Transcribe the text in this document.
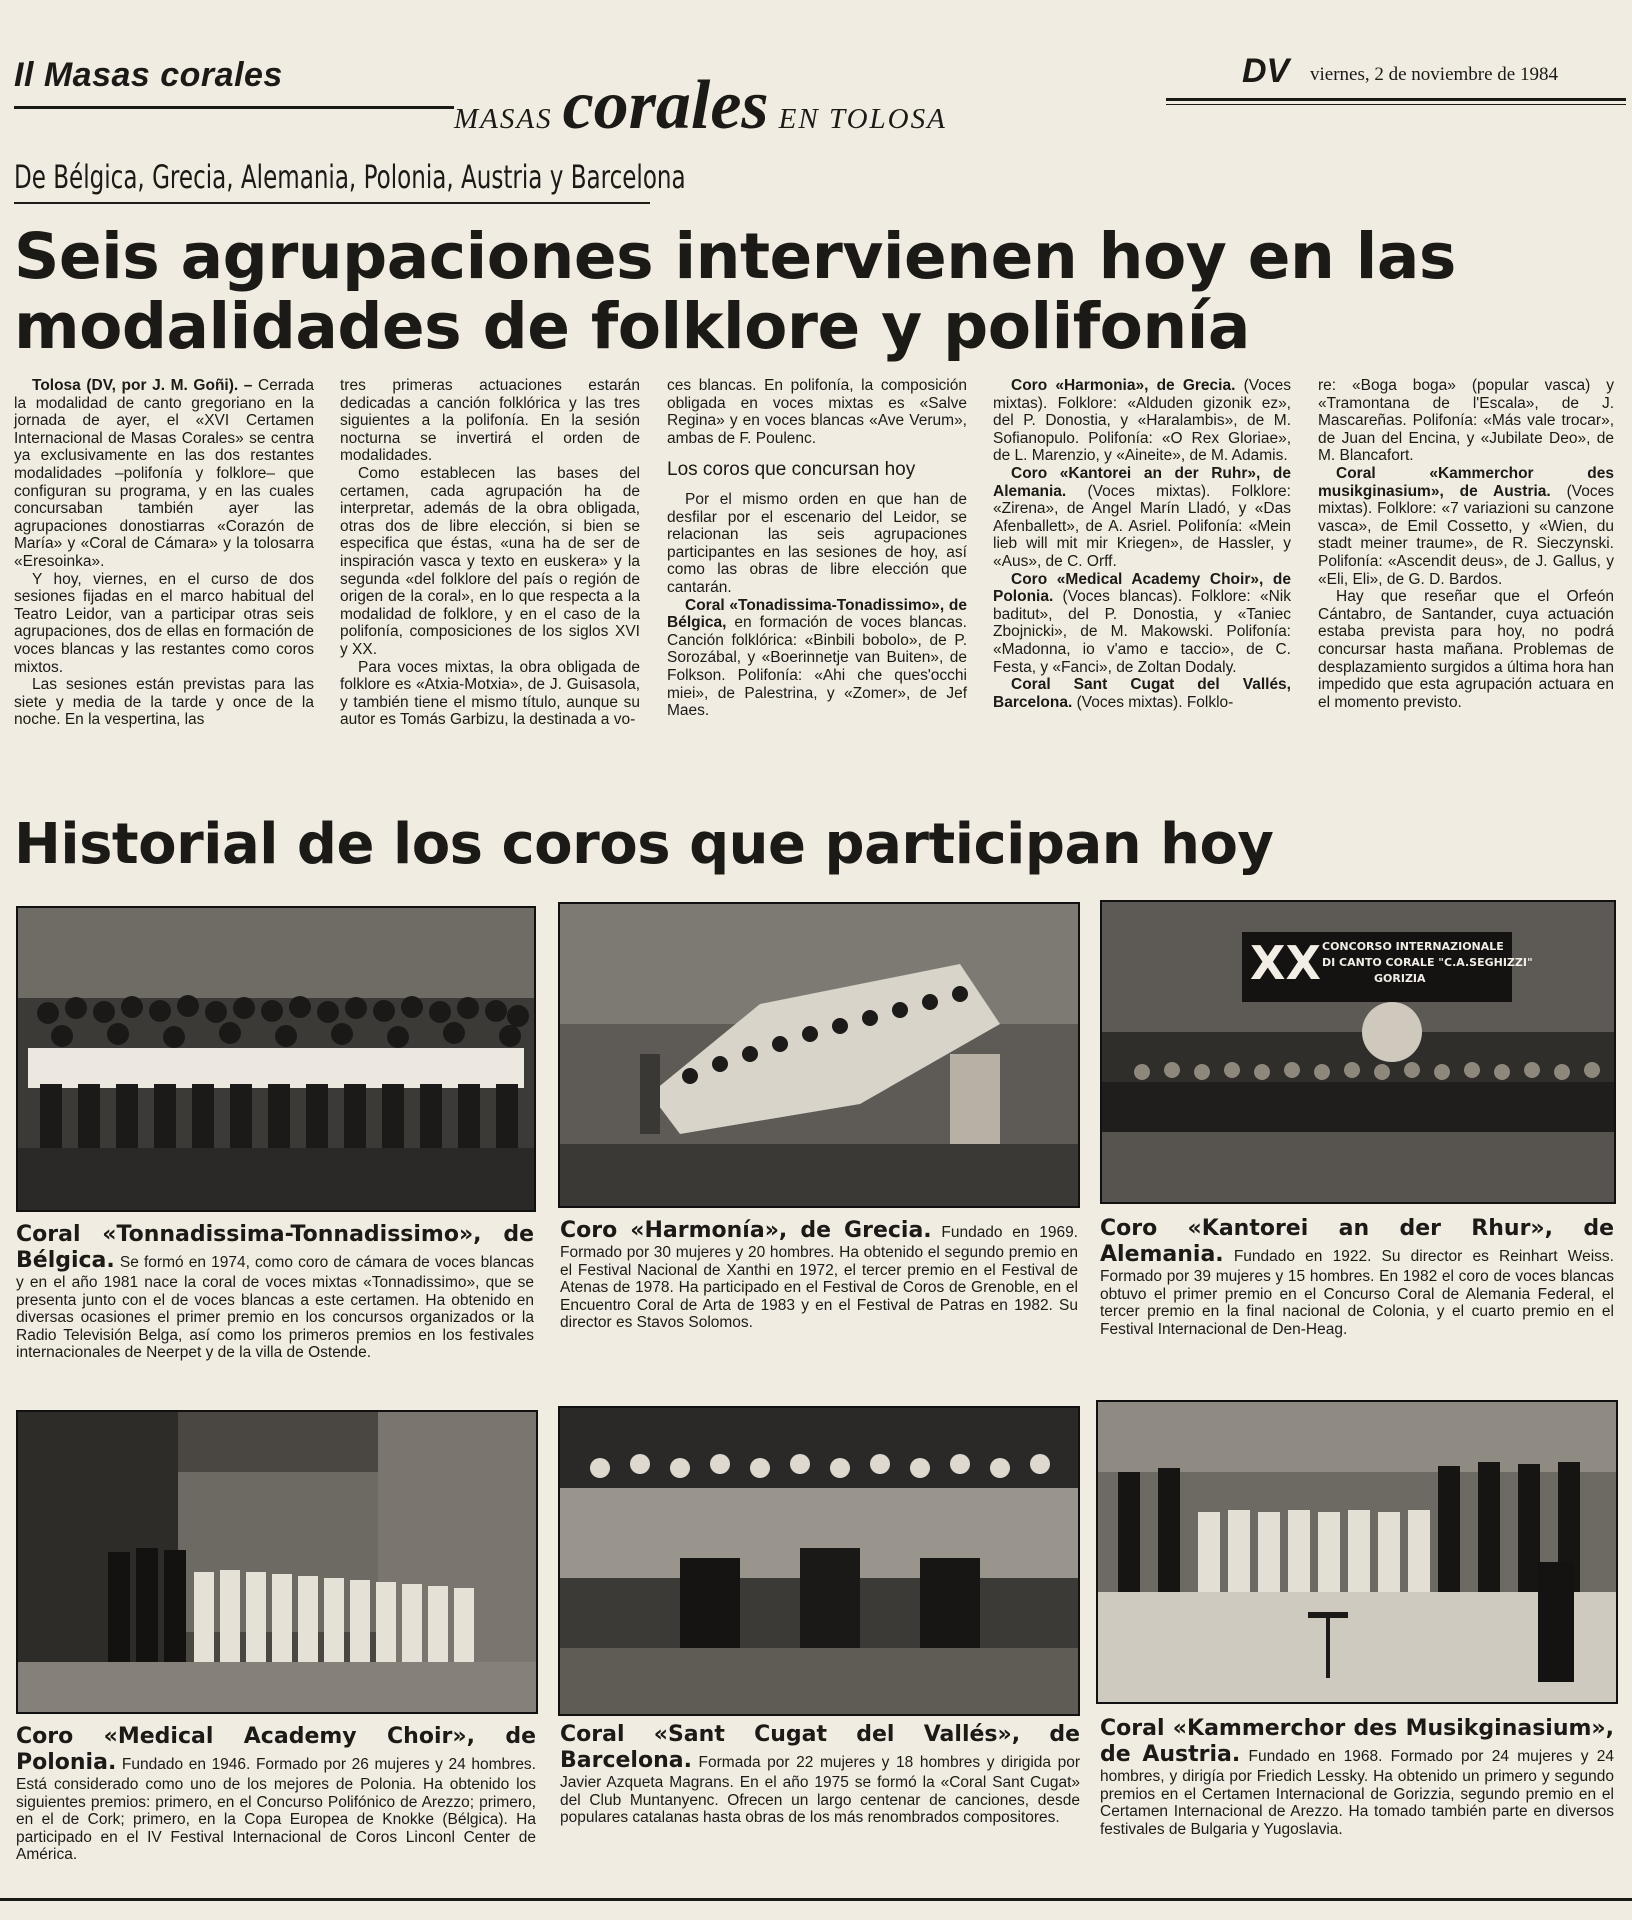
Il Masas corales
MASAS corales EN TOLOSA
DV viernes, 2 de noviembre de 1984
De Bélgica, Grecia, Alemania, Polonia, Austria y Barcelona
Seis agrupaciones intervienen hoy en las modalidades de folklore y polifonía

Tolosa (DV, por J. M. Goñi). – Cerrada la modalidad de canto gregoriano en la jornada de ayer, el «XVI Certamen Internacional de Masas Corales» se centra ya exclusivamente en las dos restantes modalidades –polifonía y folklore– que configuran su programa, y en las cuales concursaban también ayer las agrupaciones donostiarras «Corazón de María» y «Coral de Cámara» y la tolosarra «Eresoinka».

Y hoy, viernes, en el curso de dos sesiones fijadas en el marco habitual del Teatro Leidor, van a participar otras seis agrupaciones, dos de ellas en formación de voces blancas y las restantes como coros mixtos.

Las sesiones están previstas para las siete y media de la tarde y once de la noche. En la vespertina, las

tres primeras actuaciones estarán dedicadas a canción folklórica y las tres siguientes a la polifonía. En la sesión nocturna se invertirá el orden de modalidades.

Como establecen las bases del certamen, cada agrupación ha de interpretar, además de la obra obligada, otras dos de libre elección, si bien se especifica que éstas, «una ha de ser de inspiración vasca y texto en euskera» y la segunda «del folklore del país o región de origen de la coral», en lo que respecta a la modalidad de folklore, y en el caso de la polifonía, composiciones de los siglos XVI y XX.

Para voces mixtas, la obra obligada de folklore es «Atxia-Motxia», de J. Guisasola, y también tiene el mismo título, aunque su autor es Tomás Garbizu, la destinada a vo-

ces blancas. En polifonía, la composición obligada en voces mixtas es «Salve Regina» y en voces blancas «Ave Verum», ambas de F. Poulenc.

Los coros que concursan hoy

Por el mismo orden en que han de desfilar por el escenario del Leidor, se relacionan las seis agrupaciones participantes en las sesiones de hoy, así como las obras de libre elección que cantarán.

Coral «Tonadissima-Tonadissimo», de Bélgica, en formación de voces blancas. Canción folklórica: «Binbili bobolo», de P. Sorozábal, y «Boerinnetje van Buiten», de Folkson. Polifonía: «Ahi che ques'occhi miei», de Palestrina, y «Zomer», de Jef Maes.

Coro «Harmonia», de Grecia. (Voces mixtas). Folklore: «Alduden gizonik ez», del P. Donostia, y «Haralambis», de M. Sofianopulo. Polifonía: «O Rex Gloriae», de L. Marenzio, y «Aineite», de M. Adamis.

Coro «Kantorei an der Ruhr», de Alemania. (Voces mixtas). Folklore: «Zirena», de Angel Marín Lladó, y «Das Afenballett», de A. Asriel. Polifonía: «Mein lieb will mit mir Kriegen», de Hassler, y «Aus», de C. Orff.

Coro «Medical Academy Choir», de Polonia. (Voces blancas). Folklore: «Nik baditut», del P. Donostia, y «Taniec Zbojnicki», de M. Makowski. Polifonía: «Madonna, io v'amo e taccio», de C. Festa, y «Fanci», de Zoltan Dodaly.

Coral Sant Cugat del Vallés, Barcelona. (Voces mixtas). Folklo-

re: «Boga boga» (popular vasca) y «Tramontana de l'Escala», de J. Mascareñas. Polifonía: «Más vale trocar», de Juan del Encina, y «Jubilate Deo», de M. Blancafort.

Coral «Kammerchor des musikginasium», de Austria. (Voces mixtas). Folklore: «7 variazioni su canzone vasca», de Emil Cossetto, y «Wien, du stadt meiner traume», de R. Sieczynski. Polifonía: «Ascendit deus», de J. Gallus, y «Eli, Eli», de G. D. Bardos.

Hay que reseñar que el Orfeón Cántabro, de Santander, cuya actuación estaba prevista para hoy, no podrá concursar hasta mañana. Problemas de desplazamiento surgidos a última hora han impedido que esta agrupación actuara en el momento previsto.

Historial de los coros que participan hoy
XX CONCORSO INTERNAZIONALE
DI CANTO CORALE "C.A.SEGHIZZI"
GORIZIA
Coral «Tonnadissima-Tonnadissimo», de Bélgica. Se formó en 1974, como coro de cámara de voces blancas y en el año 1981 nace la coral de voces mixtas «Tonnadissimo», que se presenta junto con el de voces blancas a este certamen. Ha obtenido en diversas ocasiones el primer premio en los concursos organizados or la Radio Televisión Belga, así como los primeros premios en los festivales internacionales de Neerpet y de la villa de Ostende.
Coro «Harmonía», de Grecia. Fundado en 1969. Formado por 30 mujeres y 20 hombres. Ha obtenido el segundo premio en el Festival Nacional de Xanthi en 1972, el tercer premio en el Festival de Atenas de 1978. Ha participado en el Festival de Coros de Grenoble, en el Encuentro Coral de Arta de 1983 y en el Festival de Patras en 1982. Su director es Stavos Solomos.
Coro «Kantorei an der Rhur», de Alemania. Fundado en 1922. Su director es Reinhart Weiss. Formado por 39 mujeres y 15 hombres. En 1982 el coro de voces blancas obtuvo el primer premio en el Concurso Coral de Alemania Federal, el tercer premio en la final nacional de Colonia, y el cuarto premio en el Festival Internacional de Den-Heag.
Coro «Medical Academy Choir», de Polonia. Fundado en 1946. Formado por 26 mujeres y 24 hombres. Está considerado como uno de los mejores de Polonia. Ha obtenido los siguientes premios: primero, en el Concurso Polifónico de Arezzo; primero, en el de Cork; primero, en la Copa Europea de Knokke (Bélgica). Ha participado en el IV Festival Internacional de Coros Linconl Center de América.
Coral «Sant Cugat del Vallés», de Barcelona. Formada por 22 mujeres y 18 hombres y dirigida por Javier Azqueta Magrans. En el año 1975 se formó la «Coral Sant Cugat» del Club Muntanyenc. Ofrecen un largo centenar de canciones, desde populares catalanas hasta obras de los más renombrados compositores.
Coral «Kammerchor des Musikginasium», de Austria. Fundado en 1968. Formado por 24 mujeres y 24 hombres, y dirigía por Friedich Lessky. Ha obtenido un primero y segundo premios en el Certamen Internacional de Gorizzia, segundo premio en el Certamen Internacional de Arezzo. Ha tomado también parte en diversos festivales de Bulgaria y Yugoslavia.
